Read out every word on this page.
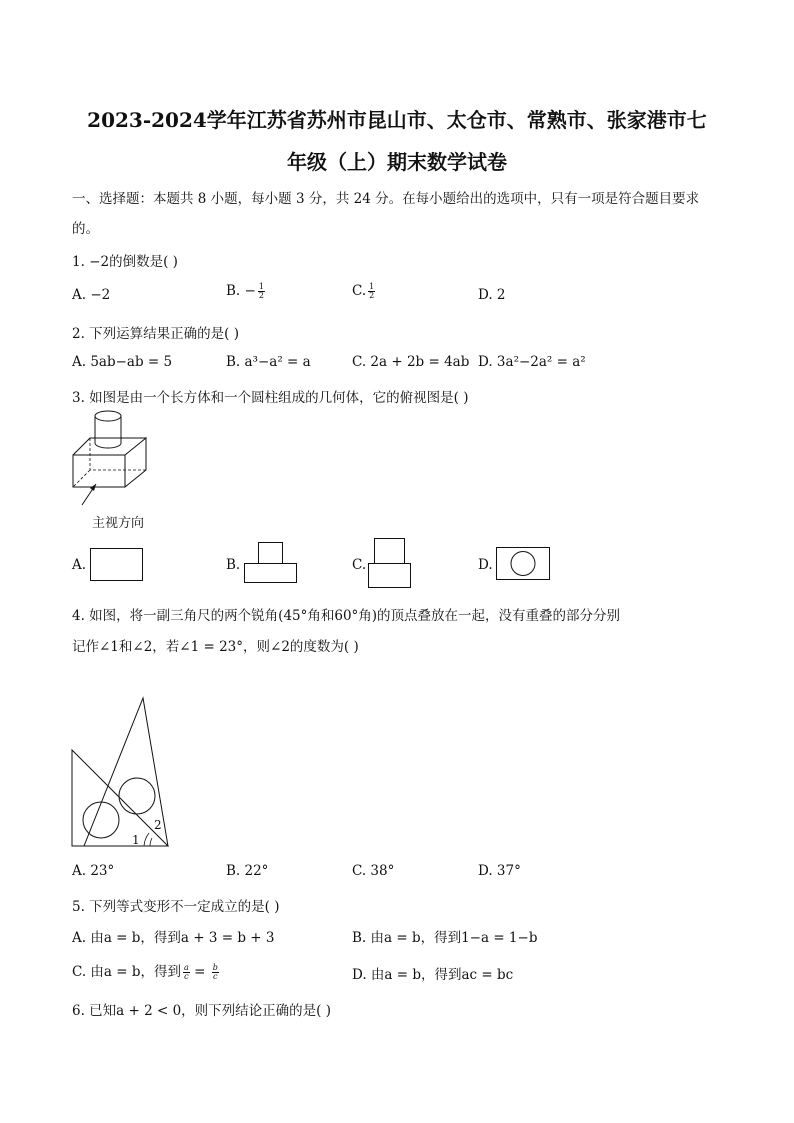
2023-2024学年江苏省苏州市昆山市、太仓市、常熟市、张家港市七
年级（上）期末数学试卷
一、选择题：本题共 8 小题，每小题 3 分，共 24 分。在每小题给出的选项中，只有一项是符合题目要求
的。
1. −2的倒数是( )
A. −2	B. − $\frac{1}{2}$	C. $\frac{1}{2}$	D. 2
2. 下列运算结果正确的是( )
A. 5ab−ab = 5	B. a³−a² = a	C. 2a + 2b = 4ab D. 3a²−2a² = a²
3. 如图是由一个长方体和一个圆柱组成的几何体，它的俯视图是( )
主视方向
A.	B.	C.	D.
4. 如图，将一副三角尺的两个锐角(45°角和60°角)的顶点叠放在一起，没有重叠的部分分别
记作∠1和∠2，若∠1 = 23°，则∠2的度数为( )
2
1
A. 23°	B. 22°	C. 38°	D. 37°
5. 下列等式变形不一定成立的是( )
A. 由a = b，得到a + 3 = b + 3	B. 由a = b，得到1−a = 1−b
C. 由a = b，得到 $\frac{a}{c} = \frac{b}{c}$	D. 由a = b，得到ac = bc
6. 已知a + 2 < 0，则下列结论正确的是( )
